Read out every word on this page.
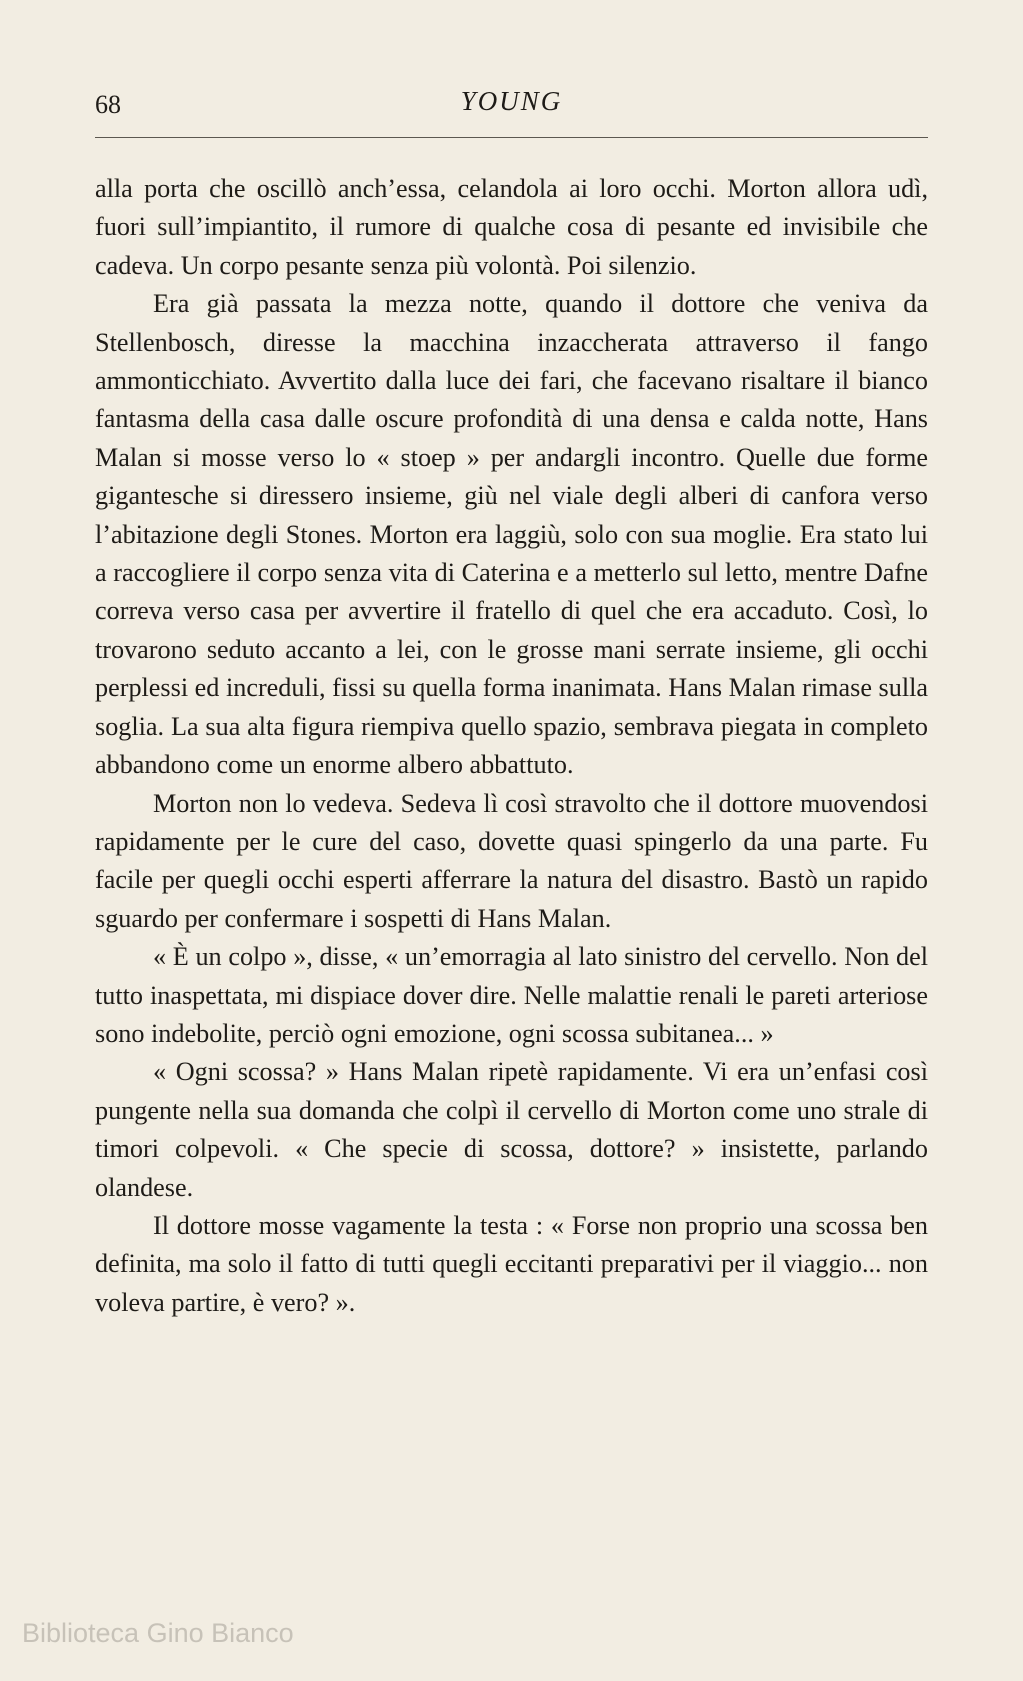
68	YOUNG

alla porta che oscillò anch’essa, celandola ai loro occhi. Morton allora udì, fuori sull’impiantito, il rumore di qualche cosa di pesante ed invisibile che cadeva. Un corpo pesante senza più volontà. Poi silenzio.

Era già passata la mezza notte, quando il dottore che veniva da Stellenbosch, diresse la macchina inzaccherata attraverso il fango ammonticchiato. Avvertito dalla luce dei fari, che facevano risaltare il bianco fantasma della casa dalle oscure profondità di una densa e calda notte, Hans Malan si mosse verso lo « stoep » per andargli incontro. Quelle due forme gigantesche si diressero insieme, giù nel viale degli alberi di canfora verso l’abitazione degli Stones. Morton era laggiù, solo con sua moglie. Era stato lui a raccogliere il corpo senza vita di Caterina e a metterlo sul letto, mentre Dafne correva verso casa per avvertire il fratello di quel che era accaduto. Così, lo trovarono seduto accanto a lei, con le grosse mani serrate insieme, gli occhi perplessi ed increduli, fissi su quella forma inanimata. Hans Malan rimase sulla soglia. La sua alta figura riempiva quello spazio, sembrava piegata in completo abbandono come un enorme albero abbattuto.

Morton non lo vedeva. Sedeva lì così stravolto che il dottore muovendosi rapidamente per le cure del caso, dovette quasi spingerlo da una parte. Fu facile per quegli occhi esperti afferrare la natura del disastro. Bastò un rapido sguardo per confermare i sospetti di Hans Malan.

« È un colpo », disse, « un’emorragia al lato sinistro del cervello. Non del tutto inaspettata, mi dispiace dover dire. Nelle malattie renali le pareti arteriose sono indebolite, perciò ogni emozione, ogni scossa subitanea... »

« Ogni scossa? » Hans Malan ripetè rapidamente. Vi era un’enfasi così pungente nella sua domanda che colpì il cervello di Morton come uno strale di timori colpevoli. « Che specie di scossa, dottore? » insistette, parlando olandese.

Il dottore mosse vagamente la testa : « Forse non proprio una scossa ben definita, ma solo il fatto di tutti quegli eccitanti preparativi per il viaggio... non voleva partire, è vero? ».

Biblioteca Gino Bianco
